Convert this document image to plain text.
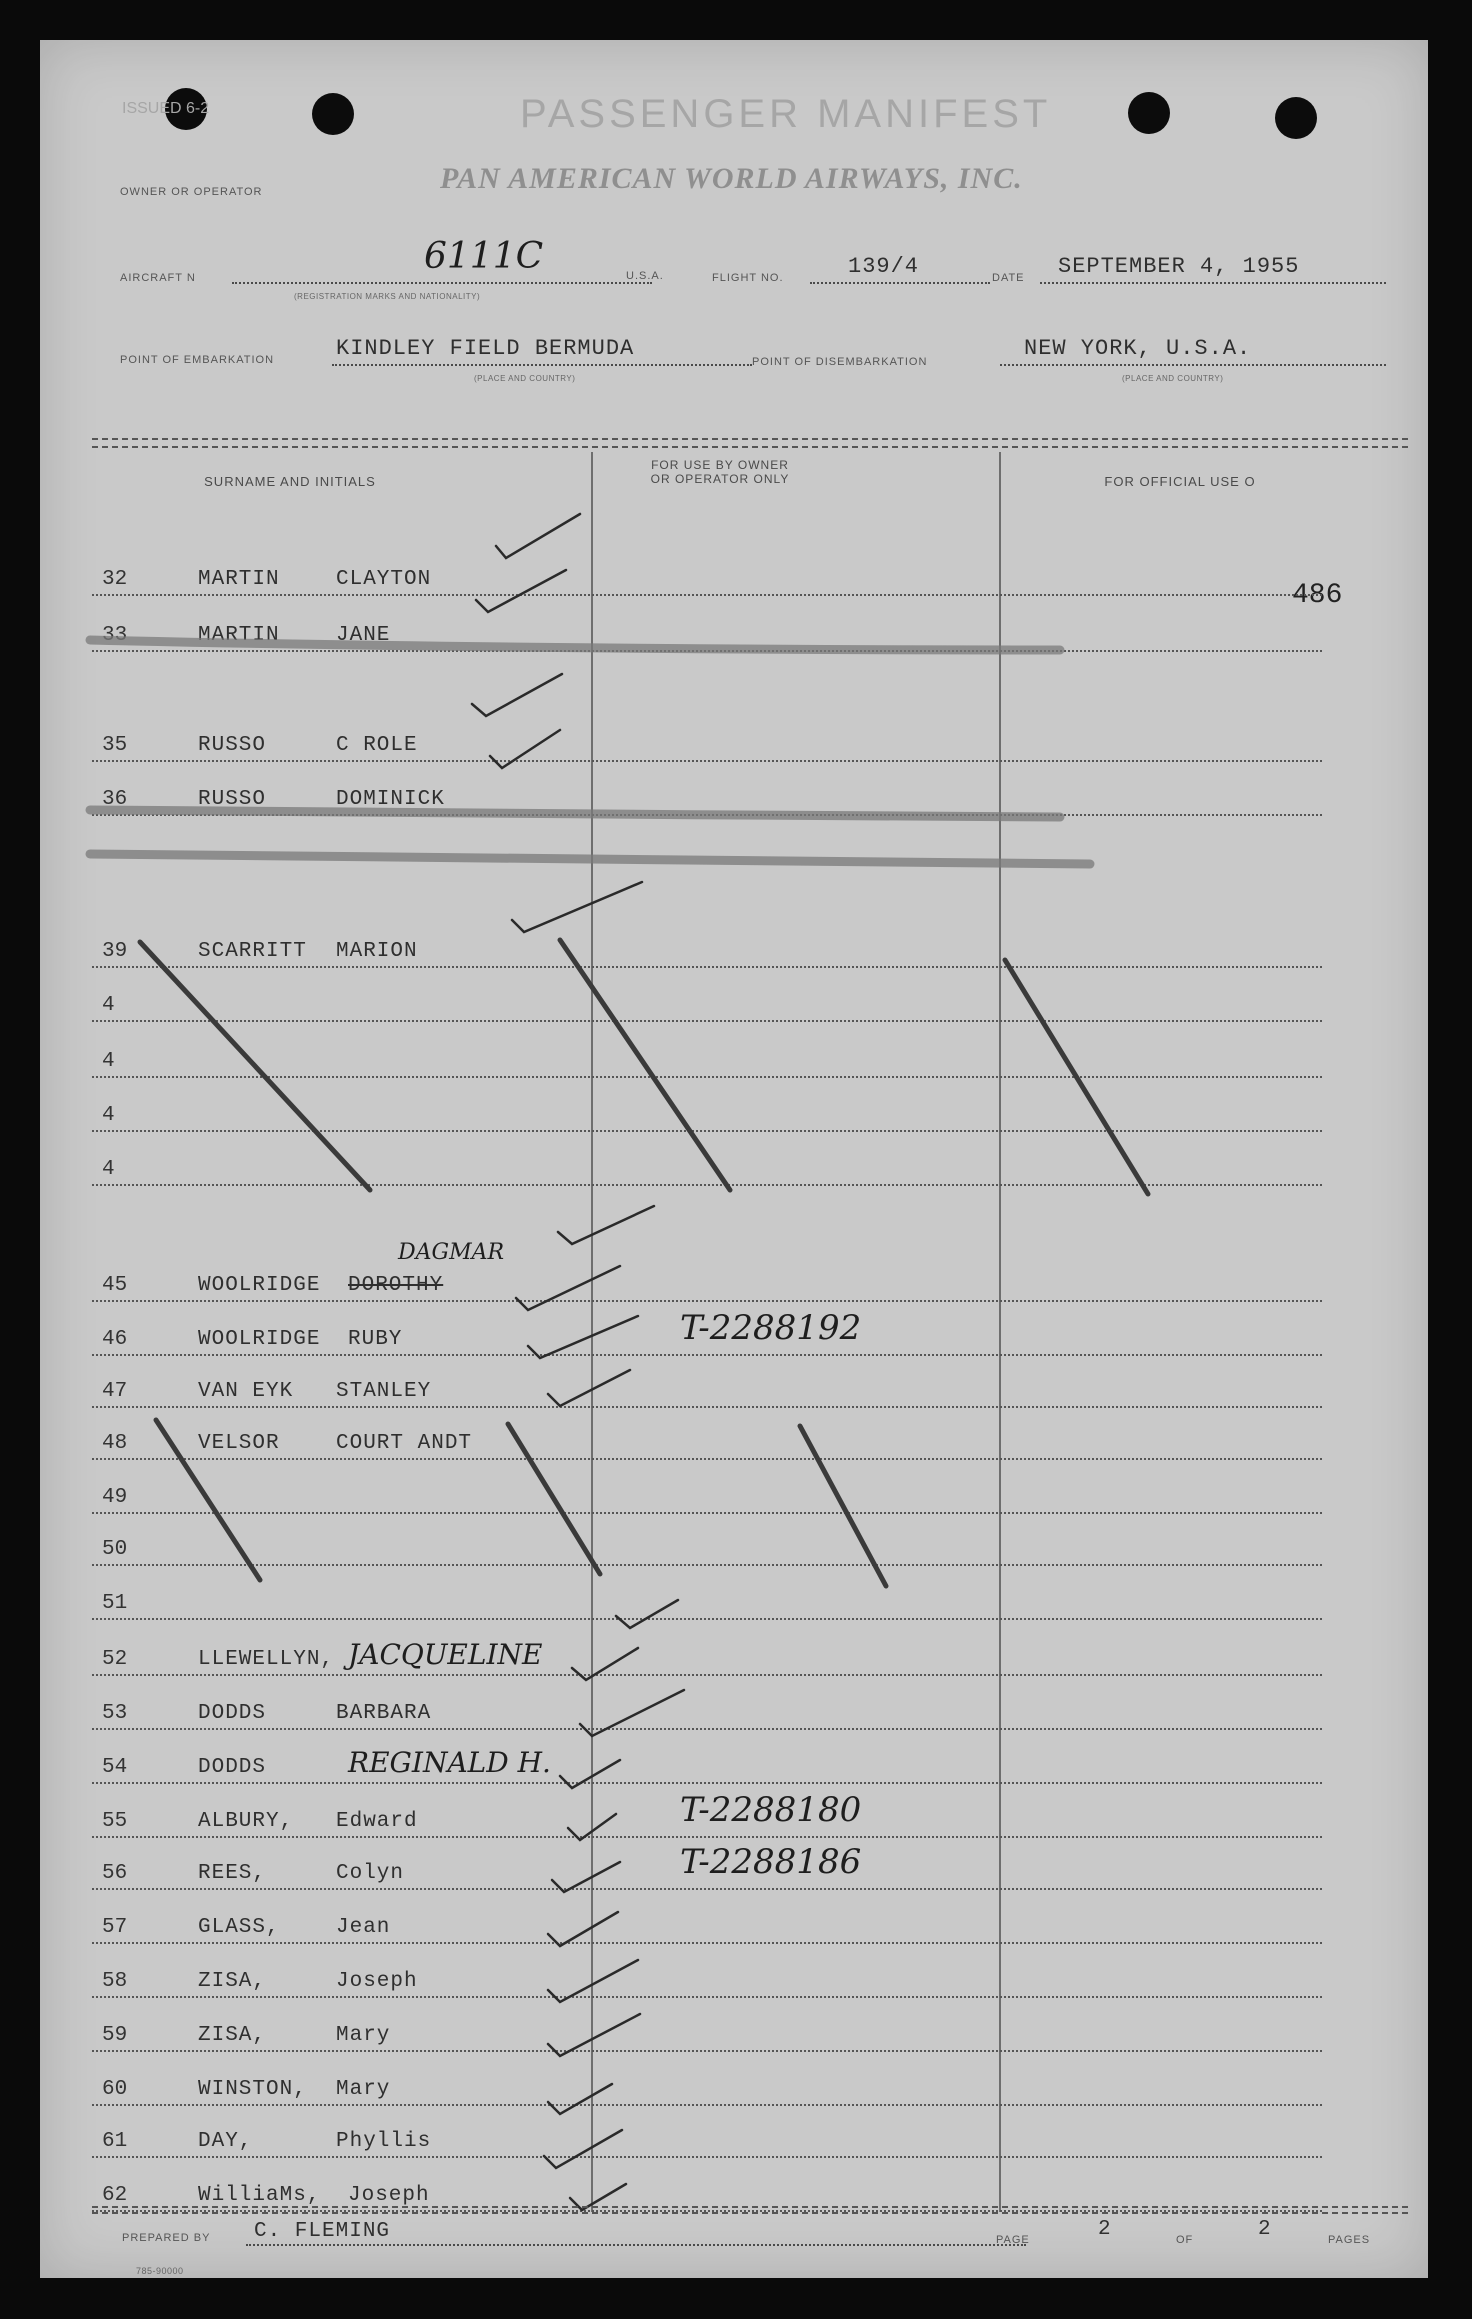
ISSUED 6-2	PASSENGER MANIFEST
OWNER OR OPERATOR	PAN AMERICAN WORLD AIRWAYS, INC.
AIRCRAFT N
6111C
(REGISTRATION MARKS AND NATIONALITY)
U.S.A.	FLIGHT NO.	139/4	DATE SEPTEMBER 4, 1955
POINT OF EMBARKATION	KINDLEY FIELD BERMUDA
(PLACE AND COUNTRY)
POINT OF DISEMBARKATION
NEW YORK, U.S.A.
(PLACE AND COUNTRY)
SURNAME AND INITIALS
FOR USE BY OWNER
OR OPERATOR ONLY	FOR OFFICIAL USE O
486
32	MARTIN	CLAYTON
33	MARTIN	JANE
35	RUSSO	C ROLE
36	RUSSO	DOMINICK
39	SCARRITT MARION
4
4
4
4
45	WOOLRIDGE DOROTHY
DAGMAR
46	WOOLRIDGE RUBY	T-2288192
47	VAN EYK STANLEY
48	VELSOR	COURT ANDT
49
50
51
52	LLEWELLYN, JACQUELINE
53	DODDS	BARBARA
54	DODDS	REGINALD H.
55	ALBURY, Edward	T-2288180
56	REES,	Colyn	T-2288186
57	GLASS,	Jean
58	ZISA,	Joseph
59	ZISA,	Mary
60	WINSTON, Mary
61	DAY,	Phyllis
62	WilliaMs, Joseph
PREPARED BY C. FLEMING	PAGE	2	OF	2	PAGES
785-90000
